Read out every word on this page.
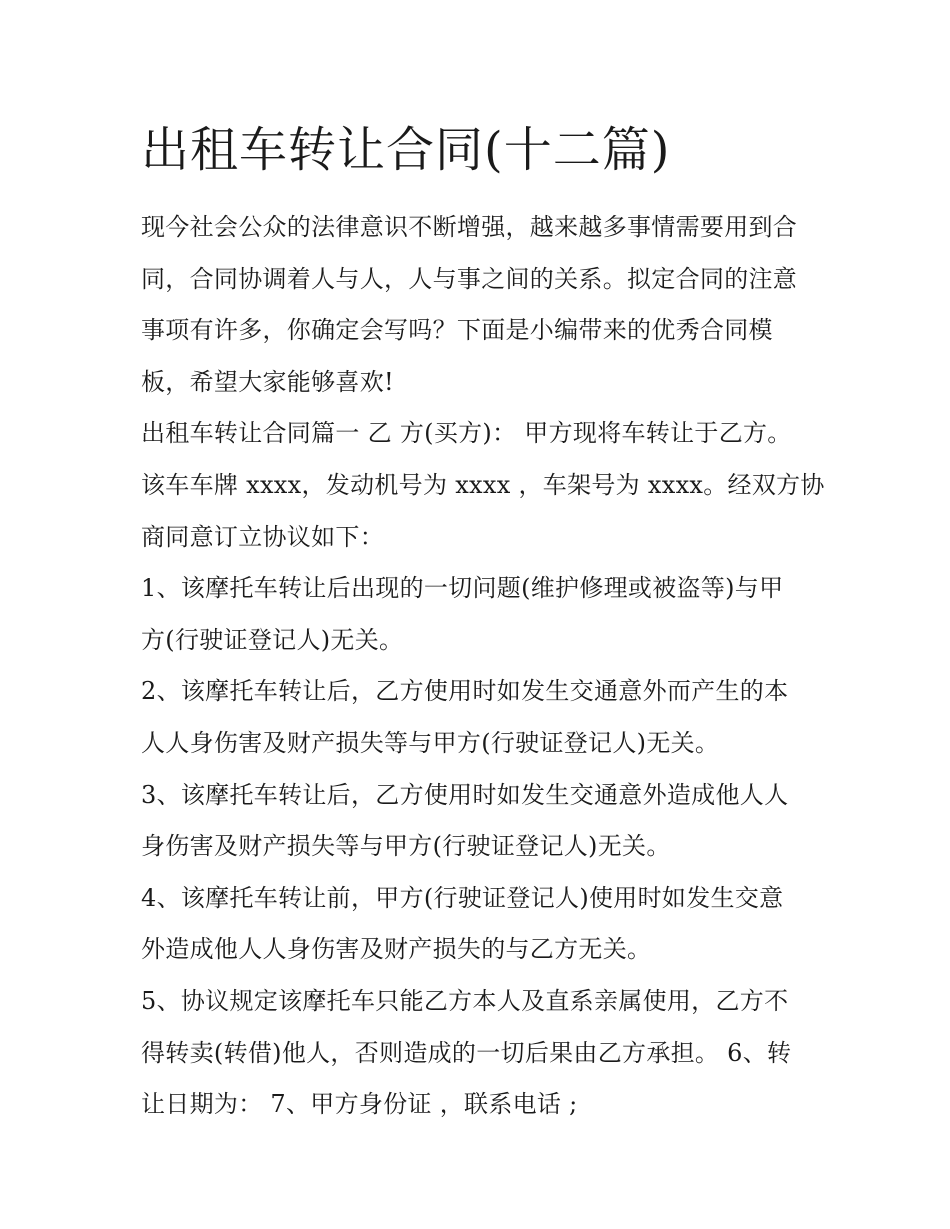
出租车转让合同(十二篇)

现今社会公众的法律意识不断增强，越来越多事情需要用到合
同，合同协调着人与人，人与事之间的关系。拟定合同的注意
事项有许多，你确定会写吗？下面是小编带来的优秀合同模
板，希望大家能够喜欢!

出租车转让合同篇一 乙 方(买方)： 甲方现将车转让于乙方。
该车车牌 xxxx，发动机号为 xxxx ，车架号为 xxxx。经双方协
商同意订立协议如下：

1、该摩托车转让后出现的一切问题(维护修理或被盗等)与甲
方(行驶证登记人)无关。

2、该摩托车转让后，乙方使用时如发生交通意外而产生的本
人人身伤害及财产损失等与甲方(行驶证登记人)无关。

3、该摩托车转让后，乙方使用时如发生交通意外造成他人人
身伤害及财产损失等与甲方(行驶证登记人)无关。

4、该摩托车转让前，甲方(行驶证登记人)使用时如发生交意
外造成他人人身伤害及财产损失的与乙方无关。

5、协议规定该摩托车只能乙方本人及直系亲属使用，乙方不
得转卖(转借)他人，否则造成的一切后果由乙方承担。 6、转
让日期为： 7、甲方身份证 ，联系电话 ;
